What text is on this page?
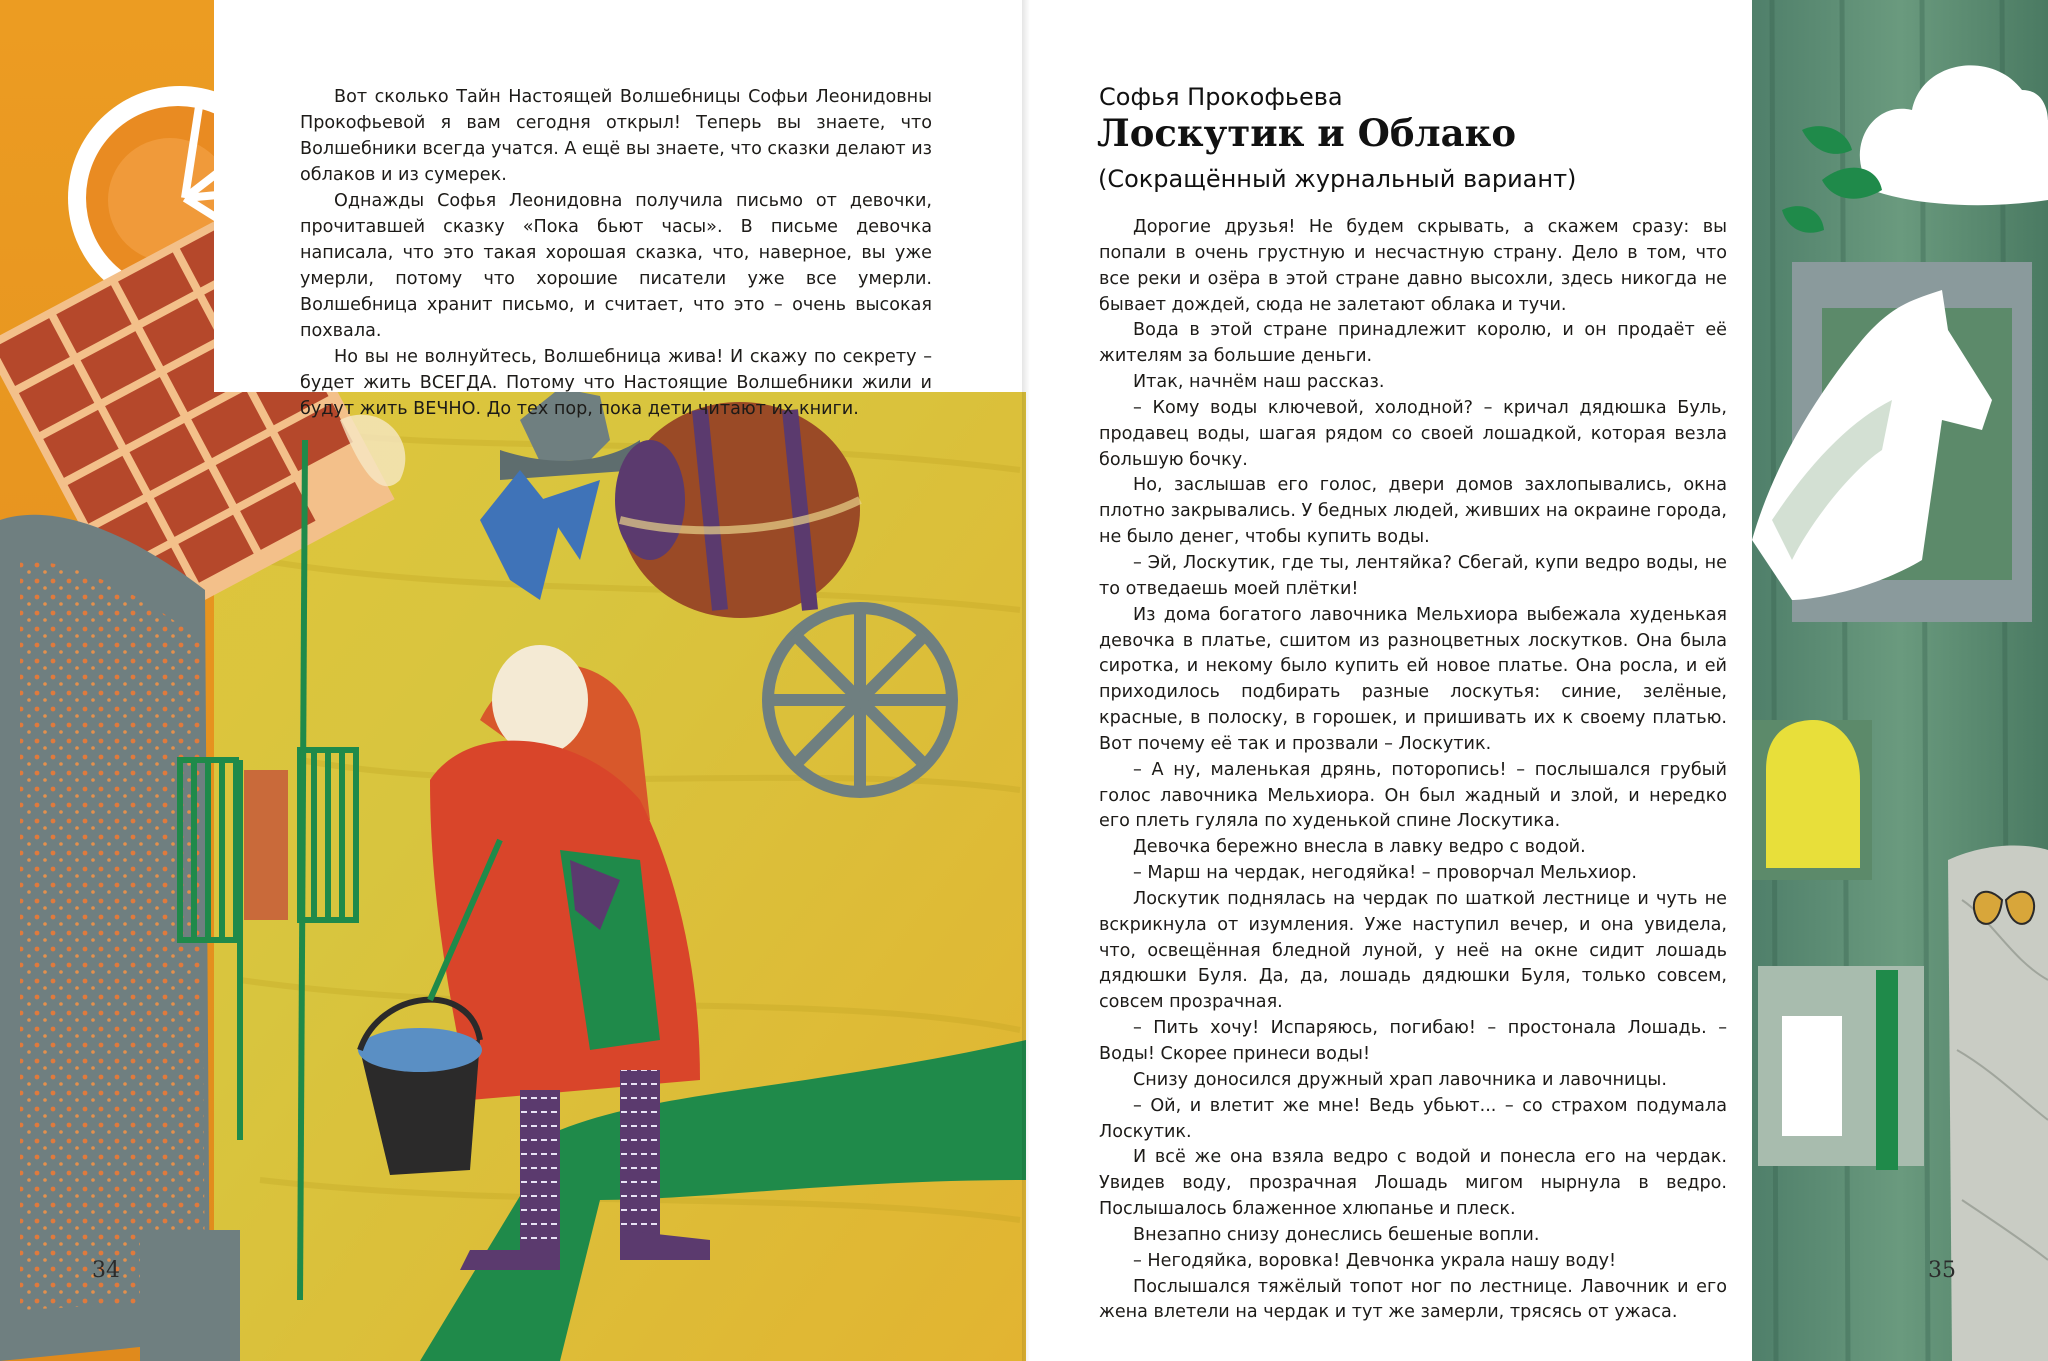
Вот сколько Тайн Настоящей Волшебницы Софьи Леонидовны Прокофьевой я вам сегодня открыл! Теперь вы знаете, что Волшебники всегда учатся. А ещё вы знаете, что сказки делают из облаков и из сумерек.

Однажды Софья Леонидовна получила письмо от девочки, прочитавшей сказку «Пока бьют часы». В письме девочка написала, что это такая хорошая сказка, что, наверное, вы уже умерли, потому что хорошие писатели уже все умерли. Волшебница хранит письмо, и считает, что это – очень высокая похвала.

Но вы не волнуйтесь, Волшебница жива! И скажу по секрету – будет жить ВСЕГДА. Потому что Настоящие Волшебники жили и будут жить ВЕЧНО. До тех пор, пока дети читают их книги.

34
Софья Прокофьева
Лоскутик и Облако
(Сокращённый журнальный вариант)

Дорогие друзья! Не будем скрывать, а скажем сразу: вы попали в очень грустную и несчастную страну. Дело в том, что все реки и озёра в этой стране давно высохли, здесь никогда не бывает дождей, сюда не залетают облака и тучи.

Вода в этой стране принадлежит королю, и он продаёт её жителям за большие деньги.

Итак, начнём наш рассказ.

– Кому воды ключевой, холодной? – кричал дядюшка Буль, продавец воды, шагая рядом со своей лошадкой, которая везла большую бочку.

Но, заслышав его голос, двери домов захлопывались, окна плотно закрывались. У бедных людей, живших на окраине города, не было денег, чтобы купить воды.

– Эй, Лоскутик, где ты, лентяйка? Сбегай, купи ведро воды, не то отведаешь моей плётки!

Из дома богатого лавочника Мельхиора выбежала худенькая девочка в платье, сшитом из разноцветных лоскутков. Она была сиротка, и некому было купить ей новое платье. Она росла, и ей приходилось подбирать разные лоскутья: синие, зелёные, красные, в полоску, в горошек, и пришивать их к своему платью. Вот почему её так и прозвали – Лоскутик.

– А ну, маленькая дрянь, поторопись! – послышался грубый голос лавочника Мельхиора. Он был жадный и злой, и нередко его плеть гуляла по худенькой спине Лоскутика.

Девочка бережно внесла в лавку ведро с водой.

– Марш на чердак, негодяйка! – проворчал Мельхиор.

Лоскутик поднялась на чердак по шаткой лестнице и чуть не вскрикнула от изумления. Уже наступил вечер, и она увидела, что, освещённая бледной луной, у неё на окне сидит лошадь дядюшки Буля. Да, да, лошадь дядюшки Буля, только совсем, совсем прозрачная.

– Пить хочу! Испаряюсь, погибаю! – простонала Лошадь. – Воды! Скорее принеси воды!

Снизу доносился дружный храп лавочника и лавочницы.

– Ой, и влетит же мне! Ведь убьют... – со страхом подумала Лоскутик.

И всё же она взяла ведро с водой и понесла его на чердак. Увидев воду, прозрачная Лошадь мигом нырнула в ведро. Послышалось блаженное хлюпанье и плеск.

Внезапно снизу донеслись бешеные вопли.

– Негодяйка, воровка! Девчонка украла нашу воду!

Послышался тяжёлый топот ног по лестнице. Лавочник и его жена влетели на чердак и тут же замерли, трясясь от ужаса.

35
